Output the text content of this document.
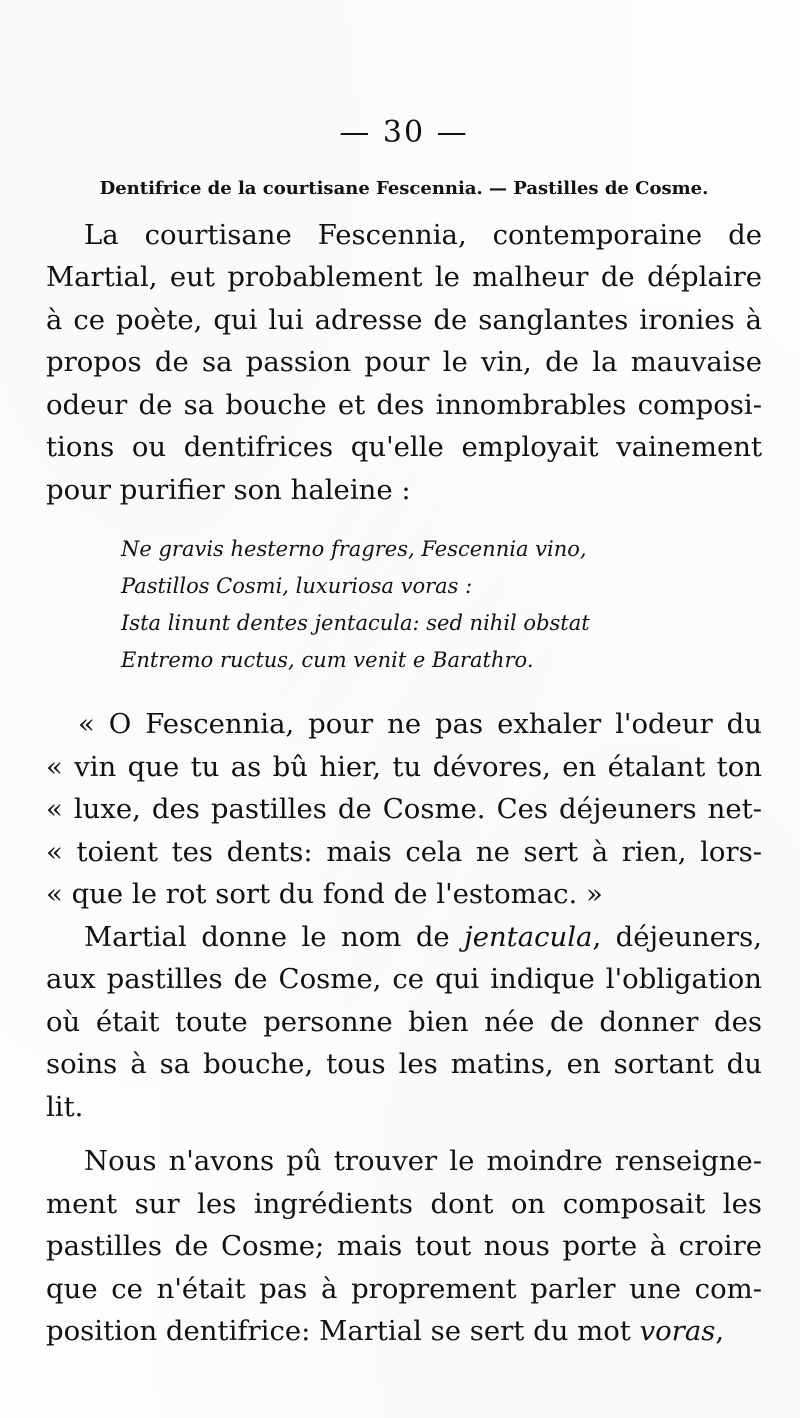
— 30 —
Dentifrice de la courtisane Fescennia. — Pastilles de Cosme.

La courtisane Fescennia, contemporaine de Martial, eut probablement le malheur de déplaire à ce poète, qui lui adresse de sanglantes ironies à propos de sa passion pour le vin, de la mauvaise odeur de sa bouche et des innombrables composi-tions ou dentifrices qu'elle employait vainement pour purifier son haleine :

Ne gravis hesterno fragres, Fescennia vino,
Pastillos Cosmi, luxuriosa voras :
Ista linunt dentes jentacula: sed nihil obstat
Entremo ructus, cum venit e Barathro.
« O Fescennia, pour ne pas exhaler l'odeur du
« vin que tu as bû hier, tu dévores, en étalant ton
« luxe, des pastilles de Cosme. Ces déjeuners net-
« toient tes dents: mais cela ne sert à rien, lors-
« que le rot sort du fond de l'estomac. »

Martial donne le nom de jentacula, déjeuners, aux pastilles de Cosme, ce qui indique l'obligation où était toute personne bien née de donner des soins à sa bouche, tous les matins, en sortant du lit.

Nous n'avons pû trouver le moindre renseigne-ment sur les ingrédients dont on composait les pastilles de Cosme; mais tout nous porte à croire que ce n'était pas à proprement parler une com-position dentifrice: Martial se sert du mot voras,
